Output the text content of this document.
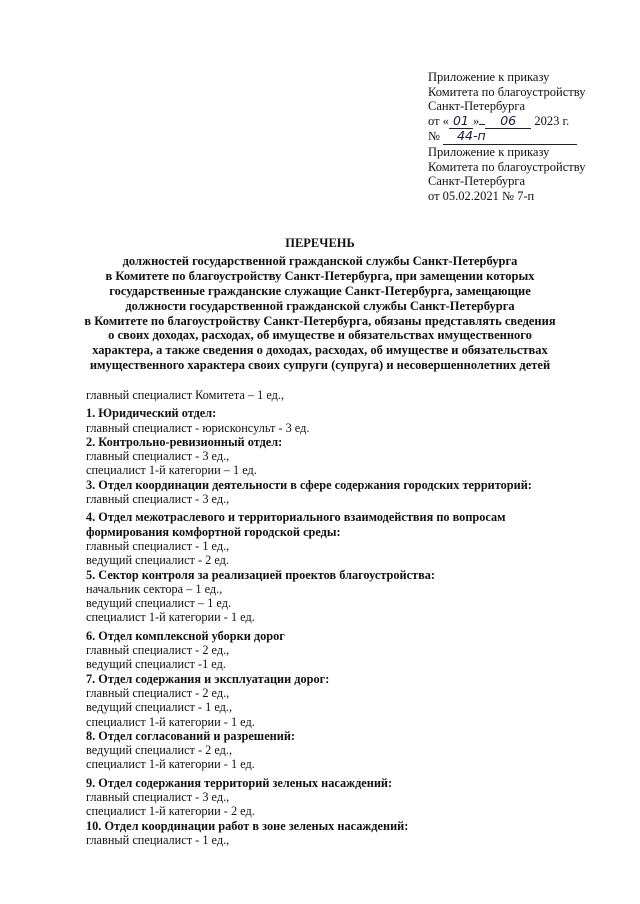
Приложение к приказу
Комитета по благоустройству
Санкт-Петербурга
от « 01 » 06 2023 г.
№ 44-п
Приложение к приказу
Комитета по благоустройству
Санкт-Петербурга
от 05.02.2021 № 7-п
ПЕРЕЧЕНЬ
должностей государственной гражданской службы Санкт-Петербурга
в Комитете по благоустройству Санкт-Петербурга, при замещении которых
государственные гражданские служащие Санкт-Петербурга, замещающие
должности государственной гражданской службы Санкт-Петербурга
в Комитете по благоустройству Санкт-Петербурга, обязаны представлять сведения
о своих доходах, расходах, об имуществе и обязательствах имущественного
характера, а также сведения о доходах, расходах, об имуществе и обязательствах
имущественного характера своих супруги (супруга) и несовершеннолетних детей
главный специалист Комитета – 1 ед.,
1. Юридический отдел:
главный специалист - юрисконсульт - 3 ед.
2. Контрольно-ревизионный отдел:
главный специалист - 3 ед.,
специалист 1-й категории – 1 ед.
3. Отдел координации деятельности в сфере содержания городских территорий:
главный специалист - 3 ед.,
4. Отдел межотраслевого и территориального взаимодействия по вопросам
формирования комфортной городской среды:
главный специалист - 1 ед.,
ведущий специалист - 2 ед.
5. Сектор контроля за реализацией проектов благоустройства:
начальник сектора – 1 ед.,
ведущий специалист – 1 ед.
специалист 1-й категории - 1 ед.
6. Отдел комплексной уборки дорог
главный специалист - 2 ед.,
ведущий специалист -1 ед.
7. Отдел содержания и эксплуатации дорог:
главный специалист - 2 ед.,
ведущий специалист - 1 ед.,
специалист 1-й категории - 1 ед.
8. Отдел согласований и разрешений:
ведущий специалист - 2 ед.,
специалист 1-й категории - 1 ед.
9. Отдел содержания территорий зеленых насаждений:
главный специалист - 3 ед.,
специалист 1-й категории - 2 ед.
10. Отдел координации работ в зоне зеленых насаждений:
главный специалист - 1 ед.,
